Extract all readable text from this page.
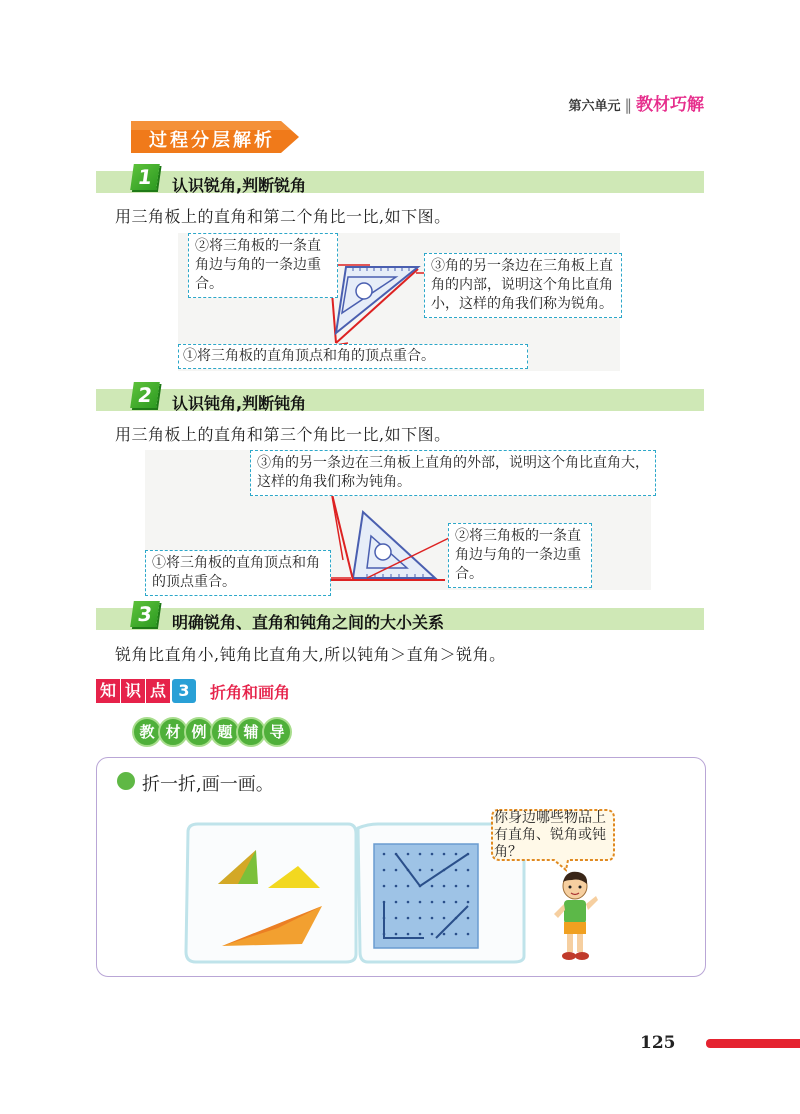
第六单元 ‖ 教材巧解
过程分层解析
1	认识锐角,判断锐角
用三角板上的直角和第二个角比一比,如下图。
②将三角板的一条直角边与角的一条边重合。
③角的另一条边在三角板上直角的内部，说明这个角比直角小，这样的角我们称为锐角。
①将三角板的直角顶点和角的顶点重合。
2	认识钝角,判断钝角
用三角板上的直角和第三个角比一比,如下图。
③角的另一条边在三角板上直角的外部，说明这个角比直角大，这样的角我们称为钝角。
②将三角板的一条直角边与角的一条边重合。
①将三角板的直角顶点和角的顶点重合。
3	明确锐角、直角和钝角之间的大小关系
锐角比直角小,钝角比直角大,所以钝角＞直角＞锐角。
知 识 点 3	折角和画角
教 材 例 题 辅 导
折一折,画一画。
你身边哪些物品上有直角、锐角或钝角？
125
